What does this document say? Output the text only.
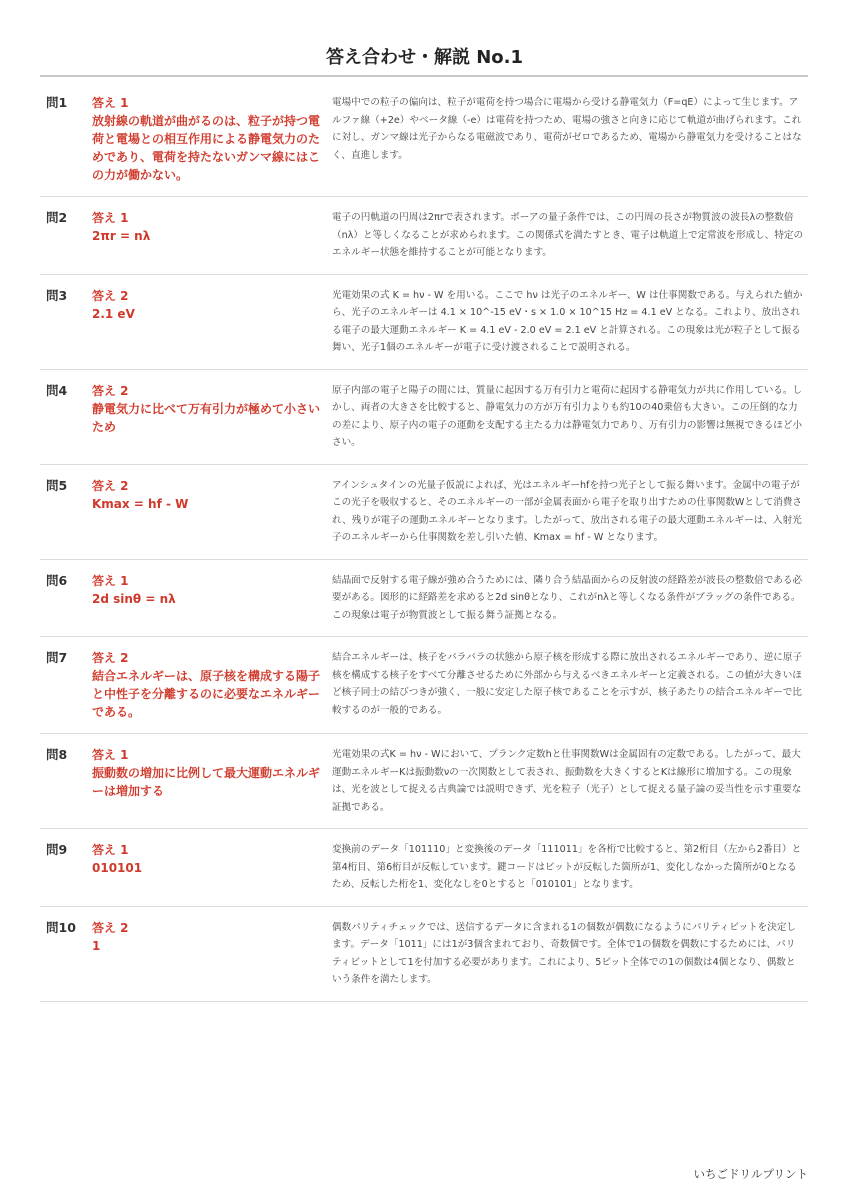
答え合わせ・解説 No.1
問1	答え 1
放射線の軌道が曲がるのは、粒子が持つ電荷と電場との相互作用による静電気力のためであり、電荷を持たないガンマ線にはこの力が働かない。
電場中での粒子の偏向は、粒子が電荷を持つ場合に電場から受ける静電気力（F=qE）によって生じます。アルファ線（+2e）やベータ線（-e）は電荷を持つため、電場の強さと向きに応じて軌道が曲げられます。これに対し、ガンマ線は光子からなる電磁波であり、電荷がゼロであるため、電場から静電気力を受けることはなく、直進します。
問2	答え 1
2πr = nλ
電子の円軌道の円周は2πrで表されます。ボーアの量子条件では、この円周の長さが物質波の波長λの整数倍（nλ）と等しくなることが求められます。この関係式を満たすとき、電子は軌道上で定常波を形成し、特定のエネルギー状態を維持することが可能となります。
問3	答え 2
2.1 eV
光電効果の式 K = hν - W を用いる。ここで hν は光子のエネルギー、W は仕事関数である。与えられた値から、光子のエネルギーは 4.1 × 10^-15 eV・s × 1.0 × 10^15 Hz = 4.1 eV となる。これより、放出される電子の最大運動エネルギー K = 4.1 eV - 2.0 eV = 2.1 eV と計算される。この現象は光が粒子として振る舞い、光子1個のエネルギーが電子に受け渡されることで説明される。
問4	答え 2
静電気力に比べて万有引力が極めて小さいため
原子内部の電子と陽子の間には、質量に起因する万有引力と電荷に起因する静電気力が共に作用している。しかし、両者の大きさを比較すると、静電気力の方が万有引力よりも約10の40乗倍も大きい。この圧倒的な力の差により、原子内の電子の運動を支配する主たる力は静電気力であり、万有引力の影響は無視できるほど小さい。
問5	答え 2
Kmax = hf - W
アインシュタインの光量子仮説によれば、光はエネルギーhfを持つ光子として振る舞います。金属中の電子がこの光子を吸収すると、そのエネルギーの一部が金属表面から電子を取り出すための仕事関数Wとして消費され、残りが電子の運動エネルギーとなります。したがって、放出される電子の最大運動エネルギーは、入射光子のエネルギーから仕事関数を差し引いた値、Kmax = hf - W となります。
問6	答え 1
2d sinθ = nλ
結晶面で反射する電子線が強め合うためには、隣り合う結晶面からの反射波の経路差が波長の整数倍である必要がある。図形的に経路差を求めると2d sinθとなり、これがnλと等しくなる条件がブラッグの条件である。この現象は電子が物質波として振る舞う証拠となる。
問7	答え 2
結合エネルギーは、原子核を構成する陽子と中性子を分離するのに必要なエネルギーである。
結合エネルギーは、核子をバラバラの状態から原子核を形成する際に放出されるエネルギーであり、逆に原子核を構成する核子をすべて分離させるために外部から与えるべきエネルギーと定義される。この値が大きいほど核子同士の結びつきが強く、一般に安定した原子核であることを示すが、核子あたりの結合エネルギーで比較するのが一般的である。
問8	答え 1
振動数の増加に比例して最大運動エネルギーは増加する
光電効果の式K = hν - Wにおいて、プランク定数hと仕事関数Wは金属固有の定数である。したがって、最大運動エネルギーKは振動数νの一次関数として表され、振動数を大きくするとKは線形に増加する。この現象は、光を波として捉える古典論では説明できず、光を粒子（光子）として捉える量子論の妥当性を示す重要な証拠である。
問9	答え 1
010101
変換前のデータ「101110」と変換後のデータ「111011」を各桁で比較すると、第2桁目（左から2番目）と第4桁目、第6桁目が反転しています。鍵コードはビットが反転した箇所が1、変化しなかった箇所が0となるため、反転した桁を1、変化なしを0とすると「010101」となります。
問10	答え 2
1
偶数パリティチェックでは、送信するデータに含まれる1の個数が偶数になるようにパリティビットを決定します。データ「1011」には1が3個含まれており、奇数個です。全体で1の個数を偶数にするためには、パリティビットとして1を付加する必要があります。これにより、5ビット全体での1の個数は4個となり、偶数という条件を満たします。
いちごドリルプリント
